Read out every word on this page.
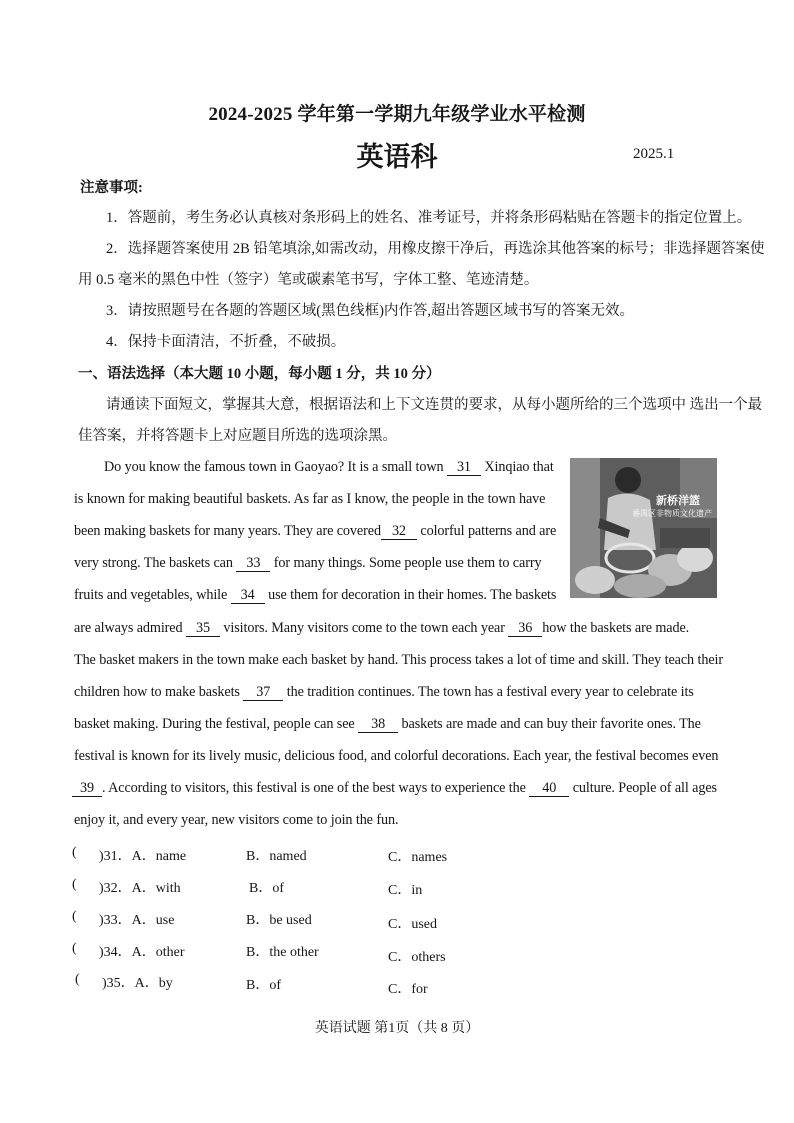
2024-2025 学年第一学期九年级学业水平检测
英语科	2025.1
注意事项:
1．答题前，考生务必认真核对条形码上的姓名、准考证号，并将条形码粘贴在答题卡的指定位置上。
2．选择题答案使用 2B 铅笔填涂,如需改动，用橡皮擦干净后，再选涂其他答案的标号；非选择题答案使
用 0.5 毫米的黑色中性（签字）笔或碳素笔书写，字体工整、笔迹清楚。
3．请按照题号在各题的答题区域(黑色线框)内作答,超出答题区域书写的答案无效。
4．保持卡面清洁，不折叠，不破损。
一、语法选择（本大题 10 小题，每小题 1 分，共 10 分）
请通读下面短文，掌握其大意，根据语法和上下文连贯的要求，从每小题所给的三个选项中 选出一个最
佳答案，并将答题卡上对应题目所选的选项涂黑。
新桥洋篮
番禺区非物质文化遗产
Do you know the famous town in Gaoyao? It is a small town 31 Xinqiao that
is known for making beautiful baskets. As far as I know, the people in the town have
been making baskets for many years. They are covered 32 colorful patterns and are
very strong. The baskets can 33 for many things. Some people use them to carry
fruits and vegetables, while 34 use them for decoration in their homes. The baskets
are always admired 35 visitors. Many visitors come to the town each year 36 how the baskets are made.
The basket makers in the town make each basket by hand. This process takes a lot of time and skill. They teach their
children how to make baskets 37 the tradition continues. The town has a festival every year to celebrate its
basket making. During the festival, people can see 38 baskets are made and can buy their favorite ones. The
festival is known for its lively music, delicious food, and colorful decorations. Each year, the festival becomes even
39 . According to visitors, this festival is one of the best ways to experience the 40 culture. People of all ages
enjoy it, and every year, new visitors come to join the fun.
( )31．A．name	B．named	C．names
( )32．A．with	B．of	C．in
( )33．A．use	B．be used	C．used
( )34．A．other	B．the other	C．others
( )35．A．by	B．of	C．for
英语试题 第1页（共 8 页）
